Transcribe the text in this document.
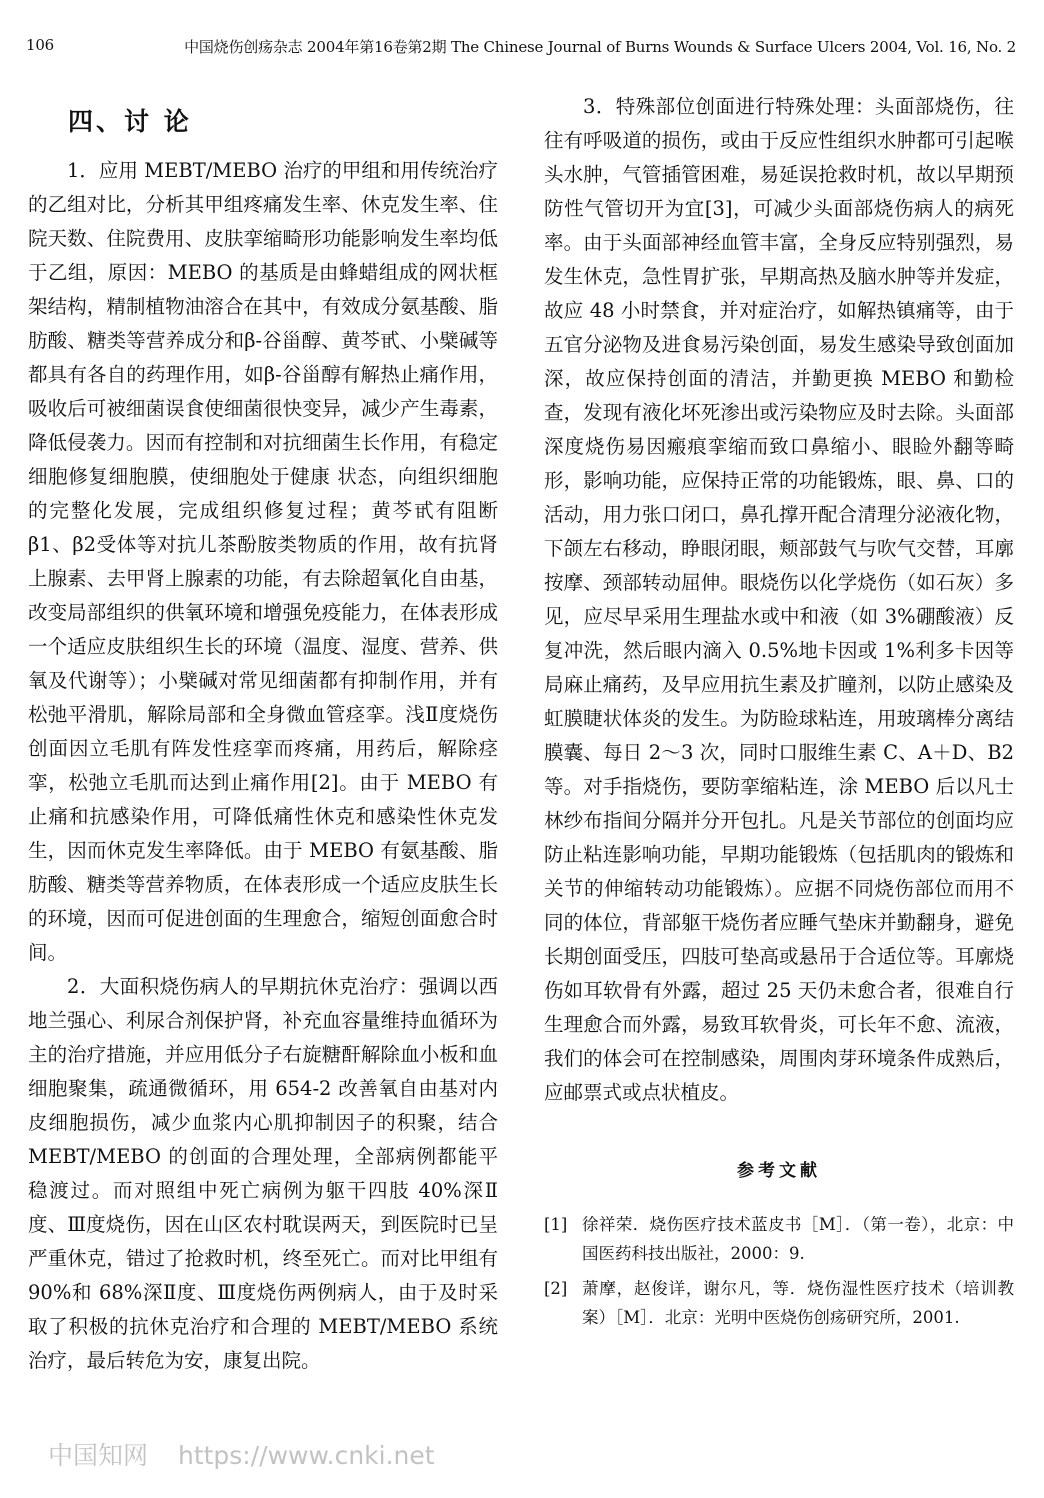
106	中国烧伤创疡杂志 2004年第16卷第2期 The Chinese Journal of Burns Wounds & Surface Ulcers 2004, Vol. 16, No. 2
四、讨 论

1．应用 MEBT/MEBO 治疗的甲组和用传统治疗的乙组对比，分析其甲组疼痛发生率、休克发生率、住院天数、住院费用、皮肤挛缩畸形功能影响发生率均低于乙组，原因：MEBO 的基质是由蜂蜡组成的网状框架结构，精制植物油溶合在其中，有效成分氨基酸、脂肪酸、糖类等营养成分和β-谷甾醇、黄芩甙、小檗碱等都具有各自的药理作用，如β-谷甾醇有解热止痛作用，吸收后可被细菌误食使细菌很快变异，减少产生毒素，降低侵袭力。因而有控制和对抗细菌生长作用，有稳定细胞修复细胞膜，使细胞处于健康 状态，向组织细胞的完整化发展，完成组织修复过程；黄芩甙有阻断β1、β2受体等对抗儿茶酚胺类物质的作用，故有抗肾上腺素、去甲肾上腺素的功能，有去除超氧化自由基，改变局部组织的供氧环境和增强免疫能力，在体表形成一个适应皮肤组织生长的环境（温度、湿度、营养、供氧及代谢等）；小檗碱对常见细菌都有抑制作用，并有松弛平滑肌，解除局部和全身微血管痉挛。浅Ⅱ度烧伤创面因立毛肌有阵发性痉挛而疼痛，用药后，解除痉挛，松弛立毛肌而达到止痛作用[2]。由于 MEBO 有止痛和抗感染作用，可降低痛性休克和感染性休克发生，因而休克发生率降低。由于 MEBO 有氨基酸、脂肪酸、糖类等营养物质，在体表形成一个适应皮肤生长的环境，因而可促进创面的生理愈合，缩短创面愈合时间。

2．大面积烧伤病人的早期抗休克治疗：强调以西地兰强心、利尿合剂保护肾，补充血容量维持血循环为主的治疗措施，并应用低分子右旋糖酐解除血小板和血细胞聚集，疏通微循环，用 654-2 改善氧自由基对内皮细胞损伤，减少血浆内心肌抑制因子的积聚，结合 MEBT/MEBO 的创面的合理处理，全部病例都能平稳渡过。而对照组中死亡病例为躯干四肢 40%深Ⅱ度、Ⅲ度烧伤，因在山区农村耽误两天，到医院时已呈严重休克，错过了抢救时机，终至死亡。而对比甲组有 90%和 68%深Ⅱ度、Ⅲ度烧伤两例病人，由于及时采取了积极的抗休克治疗和合理的 MEBT/MEBO 系统治疗，最后转危为安，康复出院。

3．特殊部位创面进行特殊处理：头面部烧伤，往往有呼吸道的损伤，或由于反应性组织水肿都可引起喉头水肿，气管插管困难，易延误抢救时机，故以早期预防性气管切开为宜[3]，可减少头面部烧伤病人的病死率。由于头面部神经血管丰富，全身反应特别强烈，易发生休克，急性胃扩张，早期高热及脑水肿等并发症，故应 48 小时禁食，并对症治疗，如解热镇痛等，由于五官分泌物及进食易污染创面，易发生感染导致创面加深，故应保持创面的清洁，并勤更换 MEBO 和勤检查，发现有液化坏死渗出或污染物应及时去除。头面部深度烧伤易因瘢痕挛缩而致口鼻缩小、眼睑外翻等畸形，影响功能，应保持正常的功能锻炼，眼、鼻、口的活动，用力张口闭口，鼻孔撑开配合清理分泌液化物，下颌左右移动，睁眼闭眼，颊部鼓气与吹气交替，耳廓按摩、颈部转动屈伸。眼烧伤以化学烧伤（如石灰）多见，应尽早采用生理盐水或中和液（如 3%硼酸液）反复冲洗，然后眼内滴入 0.5%地卡因或 1%利多卡因等局麻止痛药，及早应用抗生素及扩瞳剂，以防止感染及虹膜睫状体炎的发生。为防睑球粘连，用玻璃棒分离结膜囊、每日 2～3 次，同时口服维生素 C、A＋D、B2 等。对手指烧伤，要防挛缩粘连，涂 MEBO 后以凡士林纱布指间分隔并分开包扎。凡是关节部位的创面均应防止粘连影响功能，早期功能锻炼（包括肌肉的锻炼和关节的伸缩转动功能锻炼）。应据不同烧伤部位而用不同的体位，背部躯干烧伤者应睡气垫床并勤翻身，避免长期创面受压，四肢可垫高或悬吊于合适位等。耳廓烧伤如耳软骨有外露，超过 25 天仍未愈合者，很难自行生理愈合而外露，易致耳软骨炎，可长年不愈、流液，我们的体会可在控制感染，周围肉芽环境条件成熟后，应邮票式或点状植皮。

参考文献
[1] 徐祥荣．烧伤医疗技术蓝皮书［M］．（第一卷），北京：中国医药科技出版社，2000：9.
[2] 萧摩，赵俊详，谢尔凡，等．烧伤湿性医疗技术（培训教案）［M］．北京：光明中医烧伤创疡研究所，2001.
中国知网 https://www.cnki.net
